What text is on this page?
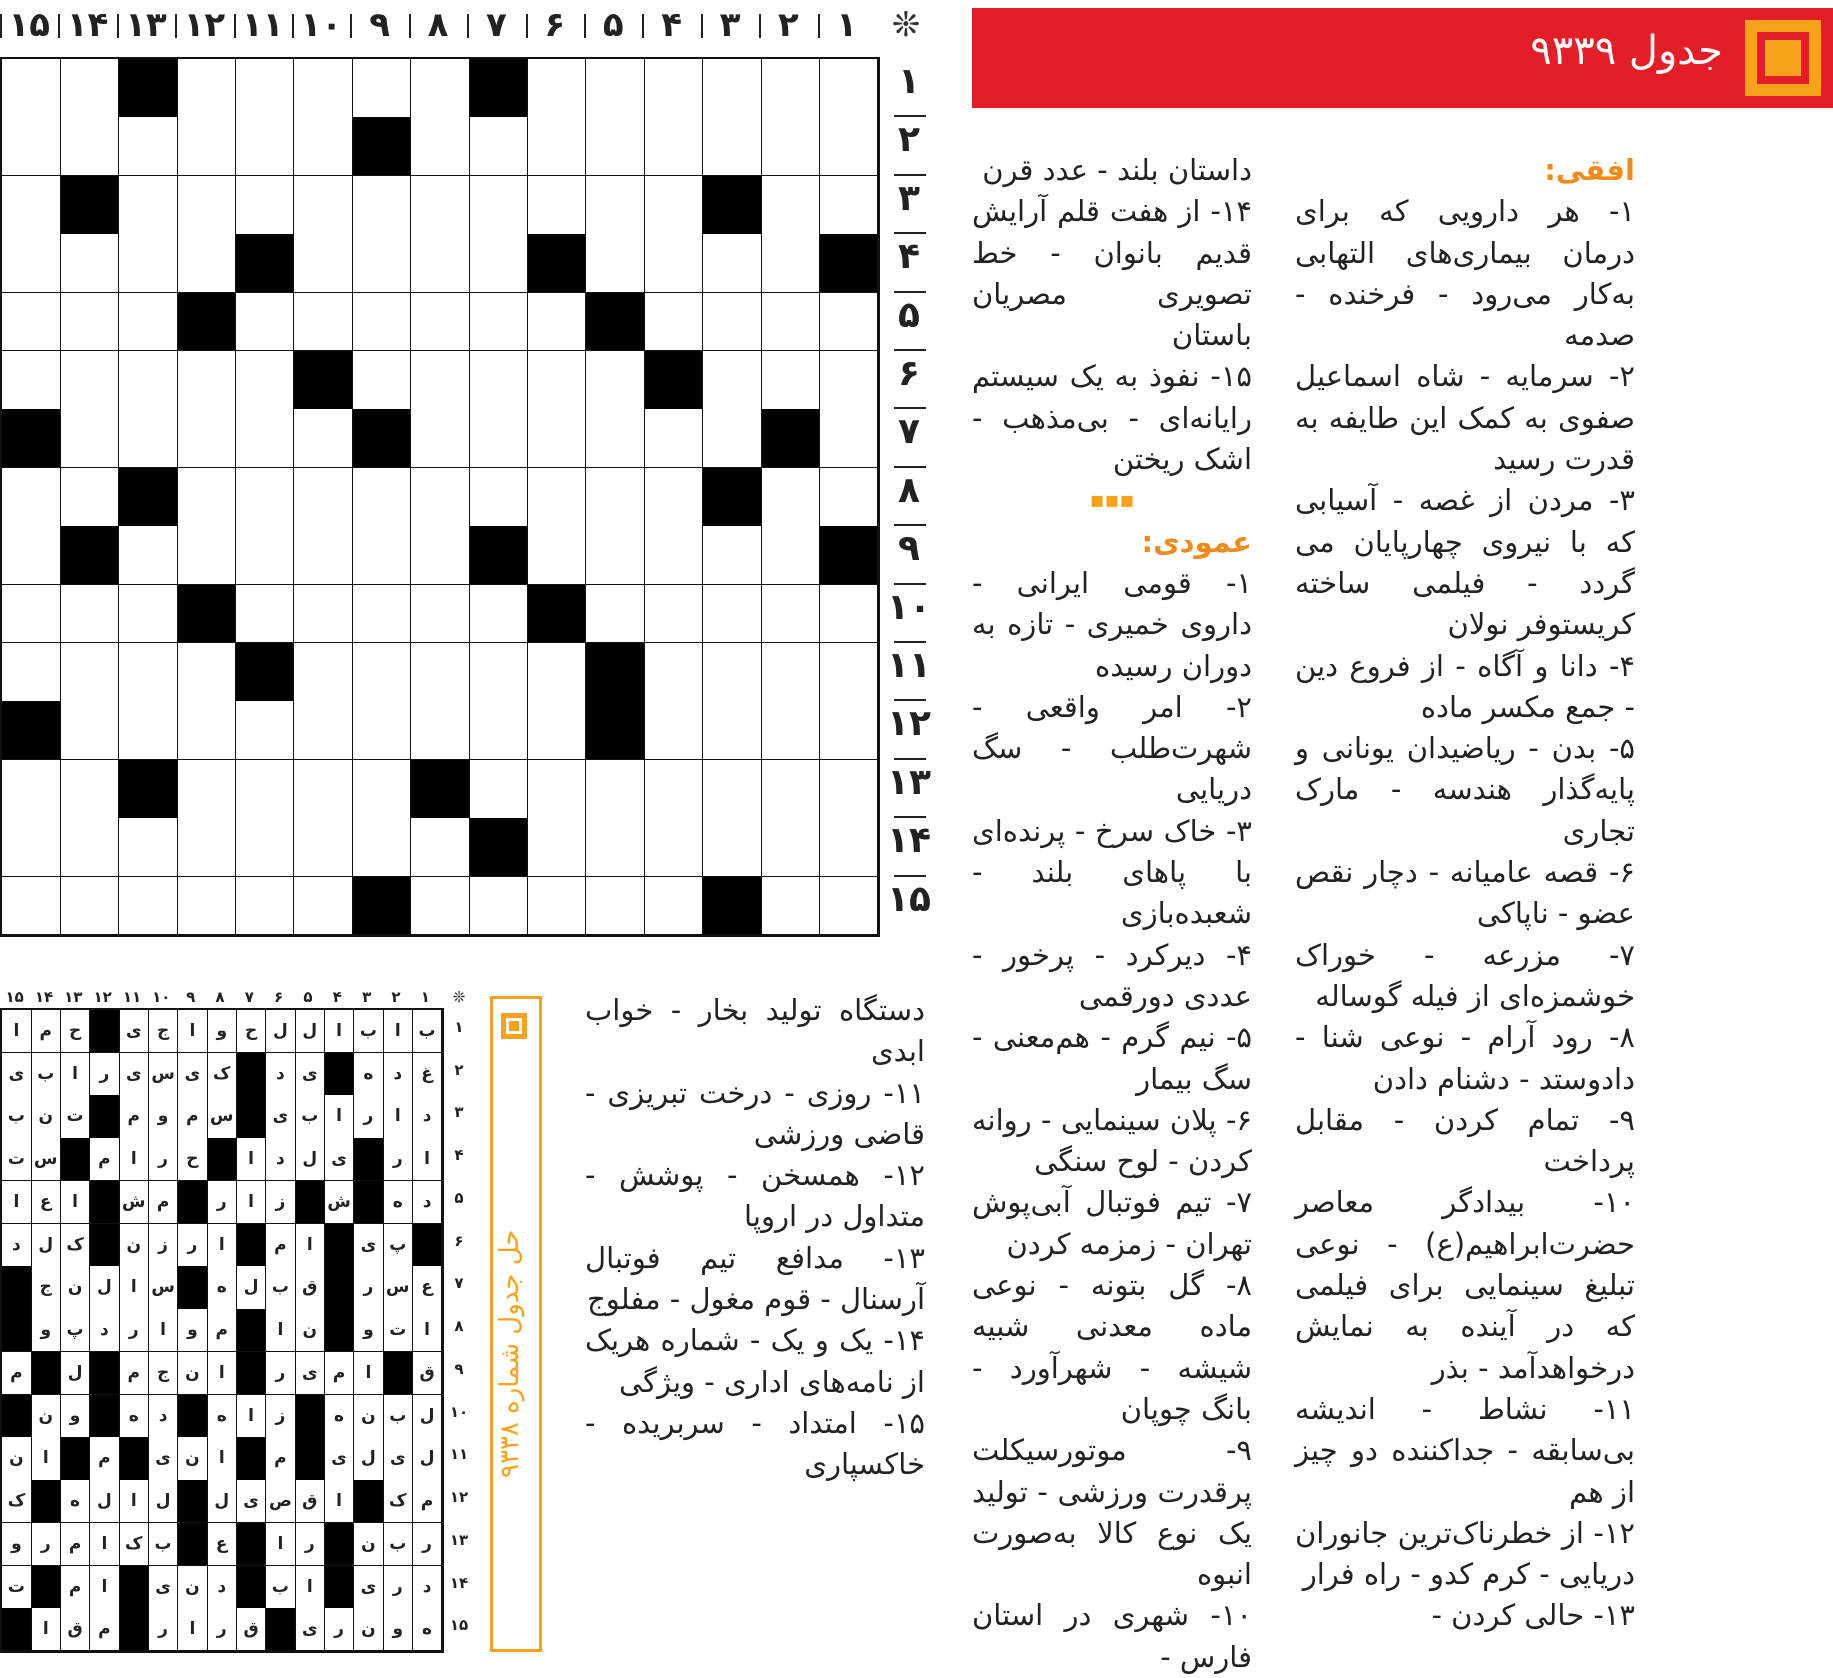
❊
۱
۲
۳
۴
۵
۶
۷
۸
۹
۱۰
۱۱
۱۲
۱۳
۱۴
۱۵
۱
۲
۳
۴
۵
۶
۷
۸
۹
۱۰
۱۱
۱۲
۱۳
۱۴
۱۵
جدول ۹۳۳۹
افقی:
۱- هر دارویی که برای درمان بیماری‌های التهابی به‌کار می‌رود - فرخنده - صدمه
۲- سرمایه - شاه اسماعیل صفوی به کمک این طایفه به قدرت رسید
۳- مردن از غصه - آسیابی که با نیروی چهارپایان می گردد - فیلمی ساخته کریستوفر نولان
۴- دانا و آگاه - از فروع دین - جمع مکسر ماده
۵- بدن - ریاضیدان یونانی و پایه‌گذار هندسه - مارک تجاری
۶- قصه عامیانه - دچار نقص عضو - ناپاکی
۷- مزرعه - خوراک خوشمزه‌ای از فیله گوساله
۸- رود آرام - نوعی شنا - دادوستد - دشنام دادن
۹- تمام کردن - مقابل پرداخت
۱۰- بیدادگر معاصر حضرت‌ابراهیم(ع) - نوعی تبلیغ سینمایی برای فیلمی که در آینده به نمایش درخواهدآمد - بذر
۱۱- نشاط - اندیشه بی‌سابقه - جداکننده دو چیز از هم
۱۲- از خطرناک‌ترین جانوران دریایی - کرم کدو - راه فرار
۱۳- حالی کردن -
داستان بلند - عدد قرن
۱۴- از هفت قلم آرایش قدیم بانوان - خط تصویری مصریان باستان
۱۵- نفوذ به یک سیستم رایانه‌ای - بی‌مذهب - اشک ریختن
▪▪▪
عمودی:
۱- قومی ایرانی - داروی خمیری - تازه به دوران رسیده
۲- امر واقعی - شهرت‌طلب - سگ دریایی
۳- خاک سرخ - پرنده‌ای با پاهای بلند - شعبده‌بازی
۴- دیرکرد - پرخور - عددی دورقمی
۵- نیم گرم - هم‌معنی - سگ بیمار
۶- پلان سینمایی - روانه کردن - لوح سنگی
۷- تیم فوتبال آبی‌پوش تهران - زمزمه کردن
۸- گل بتونه - نوعی ماده معدنی شبیه شیشه - شهرآورد - بانگ چوپان
۹- موتورسیکلت پرقدرت ورزشی - تولید یک نوع کالا به‌صورت انبوه
۱۰- شهری در استان فارس -
دستگاه تولید بخار - خواب ابدی
۱۱- روزی - درخت تبریزی - قاضی ورزشی
۱۲- همسخن - پوشش - متداول در اروپا
۱۳- مدافع تیم فوتبال آرسنال - قوم مغول - مفلوج
۱۴- یک و یک - شماره هریک از نامه‌های اداری - ویژگی
۱۵- امتداد - سربریده - خاکسپاری
❊
۱
۲
۳
۴
۵
۶
۷
۸
۹
۱۰
۱۱
۱۲
۱۳
۱۴
۱۵
ب
ا
ب
ا
ل
ل
ح
و
ا
ج
ی
ح
م
ا
غ
د
ه
ی
د
ک
ی
س
ی
ر
ا
ب
ی
د
ا
ر
ا
ب
ی
س
م
و
م
ت
ن
ب
ا
ر
ی
ل
د
ا
ح
ر
ا
م
س
ت
د
ه
ش
ز
ا
ر
م
ش
ا
ع
ا
پ
ی
ا
م
ا
ر
ز
ن
ک
ل
د
ع
س
ر
ق
ب
ل
ه
س
ا
ل
ن
ج
ا
ت
و
ن
ا
م
و
ا
ر
د
پ
و
ق
ا
م
ی
ر
ا
ن
ج
م
ل
م
ل
ب
ن
ه
ز
ا
ه
د
ه
و
ن
ل
ی
ل
ی
م
ا
ن
ی
م
ا
ن
م
ک
ا
ق
ص
ی
ل
ل
ا
ل
ه
ک
ر
ب
ن
ر
ا
ع
ب
ک
ا
م
ر
و
د
ر
ی
ا
ب
د
ن
ی
ا
م
ت
ه
و
ن
ر
ی
ق
ر
ا
ر
م
ق
ا
۱
۲
۳
۴
۵
۶
۷
۸
۹
۱۰
۱۱
۱۲
۱۳
۱۴
۱۵
حل جدول شماره ۹۳۳۸
